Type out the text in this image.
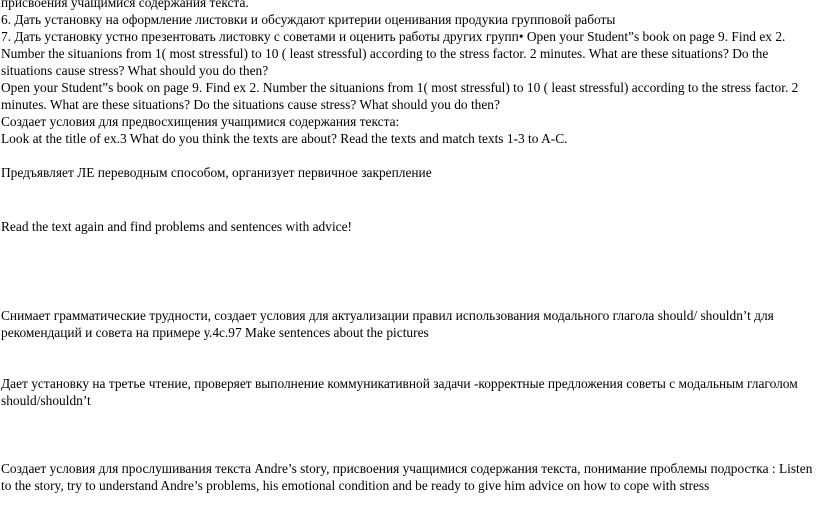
присвоения учащимися содержания текста.

6. Дать установку на оформление листовки и обсуждают критерии оценивания продукиа групповой работы

7. Дать установку устно презентовать листовку с советами и оценить работы других групп• Open your Student”s book on page 9. Find ex 2. Number the situanions from 1( most stressful) to 10 ( least stressful) according to the stress factor. 2 minutes. What are these situations? Do the situations cause stress? What should you do then?

Open your Student”s book on page 9. Find ex 2. Number the situanions from 1( most stressful) to 10 ( least stressful) according to the stress factor. 2 minutes. What are these situations? Do the situations cause stress? What should you do then?

Создает условия для предвосхищения учащимися содержания текста:

Look at the title of ex.3 What do you think the texts are about? Read the texts and match texts 1-3 to A-C.

Предъявляет ЛЕ переводным способом, организует первичное закрепление

Read the text again and find problems and sentences with advice!

Снимает грамматические трудности, создает условия для актуализации правил использования модального глагола should/ shouldn’t для рекомендаций и совета на примере у.4с.97 Make sentences about the pictures

Дает установку на третье чтение, проверяет выполнение коммуникативной задачи -корректные предложения советы с модальным глаголом should/shouldn’t

Создает условия для прослушивания текста Andre’s story, присвоения учащимися содержания текста, понимание проблемы подростка : Listen to the story, try to understand Andre’s problems, his emotional condition and be ready to give him advice on how to cope with stress
